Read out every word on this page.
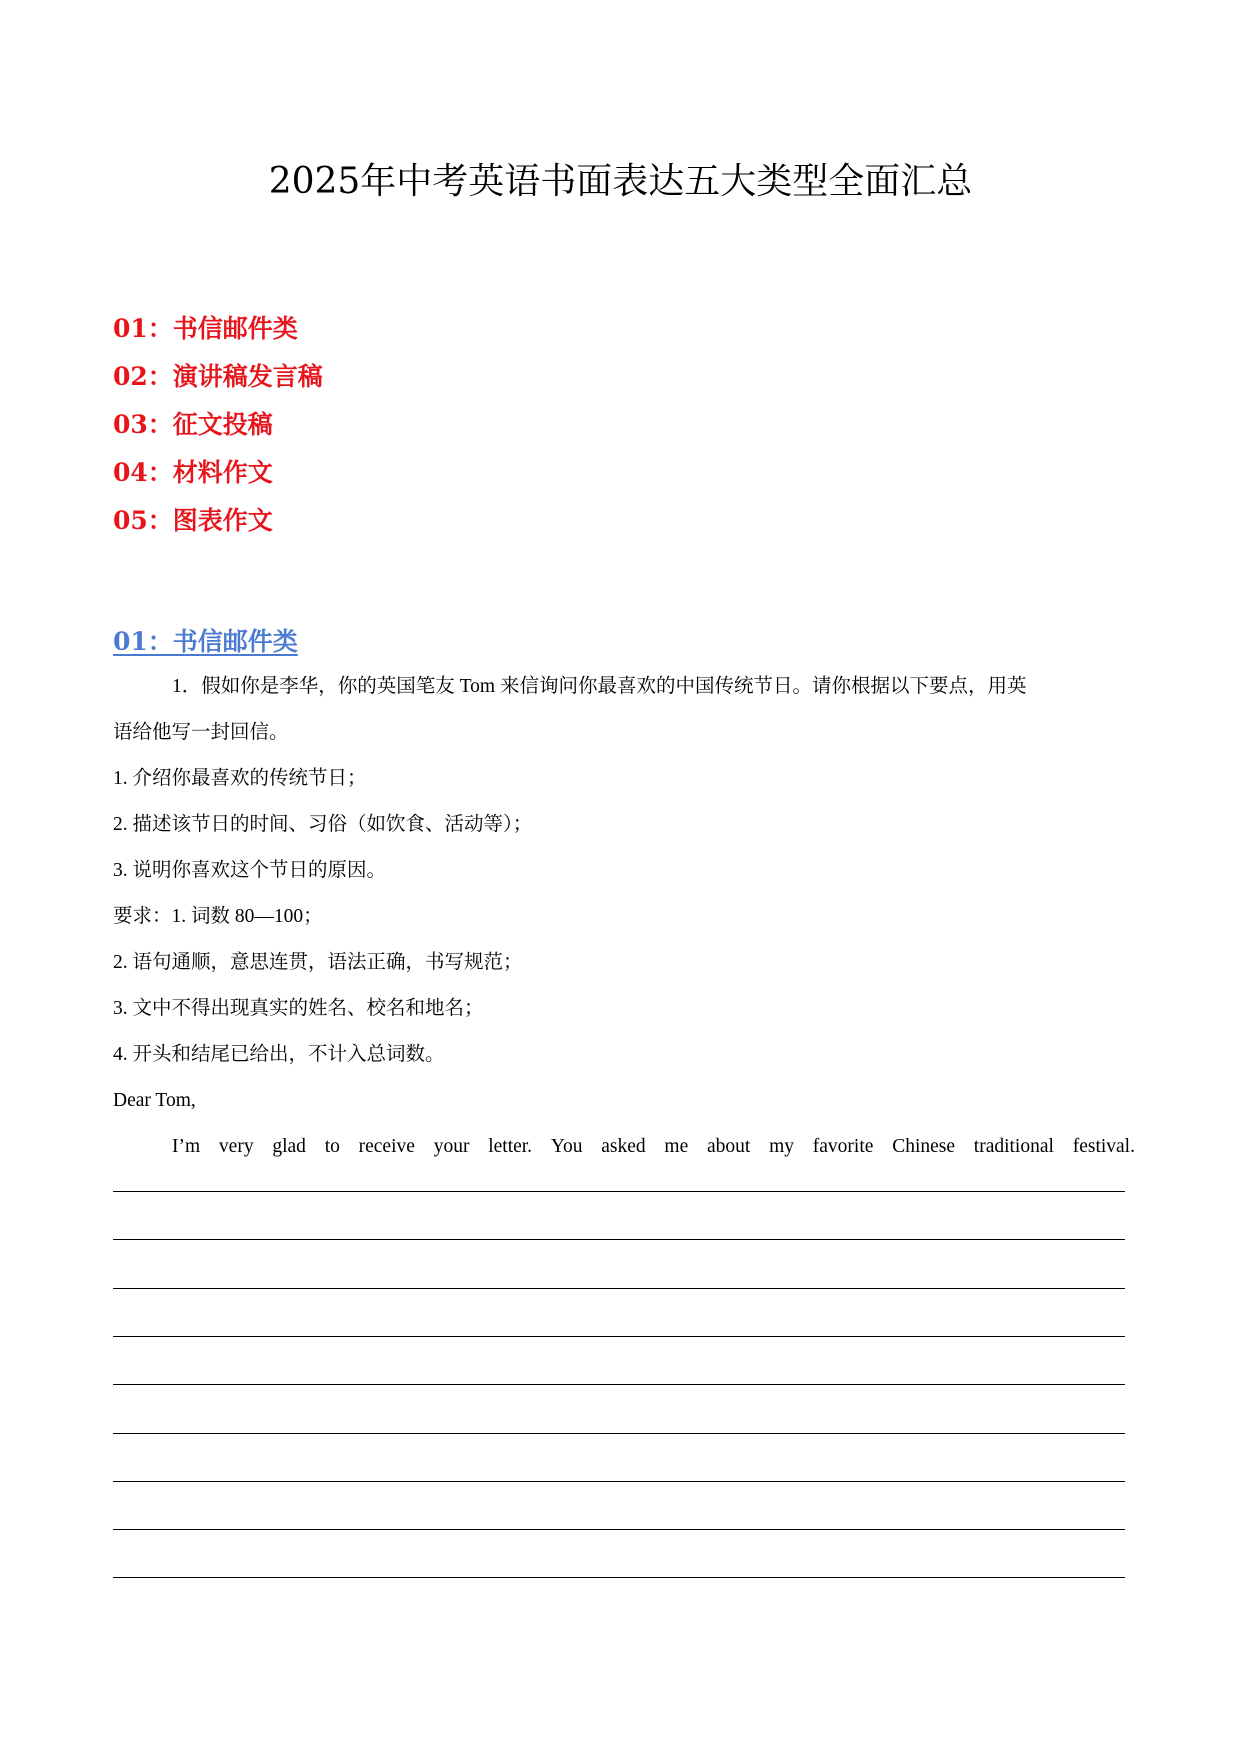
2025年中考英语书面表达五大类型全面汇总
01：书信邮件类
02：演讲稿发言稿
03：征文投稿
04：材料作文
05：图表作文
01：书信邮件类
1．假如你是李华，你的英国笔友 Tom 来信询问你最喜欢的中国传统节日。请你根据以下要点，用英
语给他写一封回信。
1. 介绍你最喜欢的传统节日；
2. 描述该节日的时间、习俗（如饮食、活动等）；
3. 说明你喜欢这个节日的原因。
要求：1. 词数 80—100；
2. 语句通顺，意思连贯，语法正确，书写规范；
3. 文中不得出现真实的姓名、校名和地名；
4. 开头和结尾已给出，不计入总词数。
Dear Tom,
I’m very glad to receive your letter. You asked me about my favorite Chinese traditional festival.
